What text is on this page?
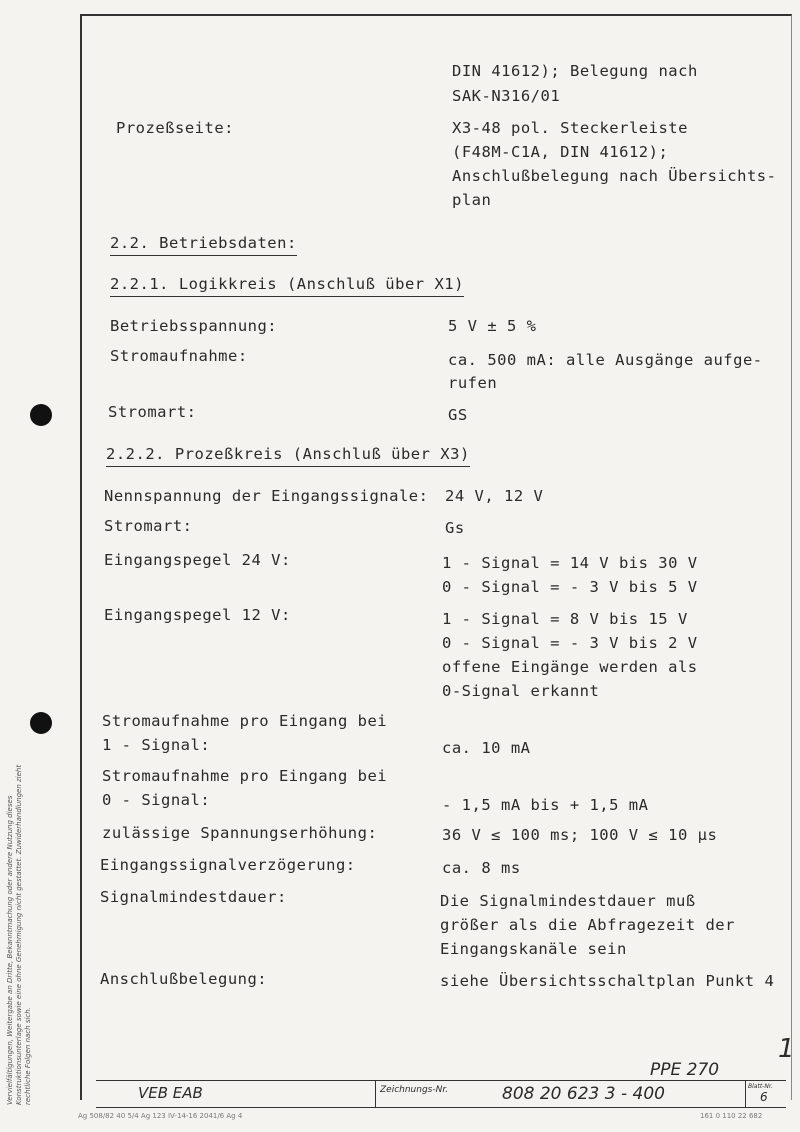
DIN 41612); Belegung nach
SAK-N316/01
Prozeßseite:	X3-48 pol. Steckerleiste
(F48M-C1A, DIN 41612);
Anschlußbelegung nach Übersichts-
plan
2.2. Betriebsdaten:
2.2.1. Logikkreis (Anschluß über X1)
Betriebsspannung:	5 V ± 5 %
Stromaufnahme:	ca. 500 mA: alle Ausgänge aufge-
rufen
Stromart:	GS
2.2.2. Prozeßkreis (Anschluß über X3)
Nennspannung der Eingangssignale: 24 V, 12 V
Stromart:	Gs
Eingangspegel 24 V:	1 - Signal = 14 V bis 30 V
0 - Signal = - 3 V bis 5 V
Eingangspegel 12 V:	1 - Signal = 8 V bis 15 V
0 - Signal = - 3 V bis 2 V
offene Eingänge werden als
0-Signal erkannt
Stromaufnahme pro Eingang bei
1 - Signal:	ca. 10 mA
Stromaufnahme pro Eingang bei
0 - Signal:	- 1,5 mA bis + 1,5 mA
zulässige Spannungserhöhung:	36 V ≤ 100 ms; 100 V ≤ 10 µs
Eingangssignalverzögerung:	ca. 8 ms
Signalmindestdauer:	Die Signalmindestdauer muß
größer als die Abfragezeit der
Eingangskanäle sein
Anschlußbelegung:	siehe Übersichtsschaltplan Punkt 4
1
PPE 270
VEB EAB	Zeichnungs-Nr.	808 20 623 3 - 400	Blatt-Nr.
6
Vervielfältigungen, Weitergabe an Dritte, Bekanntmachung oder andere Nutzung dieses Konstruktionsunterlage sowie eine ohne Genehmigung nicht gestattet. Zuwiderhandlungen zieht rechtliche Folgen nach sich.
Ag 508/82 40 5/4 Ag 123 IV-14-16 2041/6 Ag 4	161 0 110 22 682
